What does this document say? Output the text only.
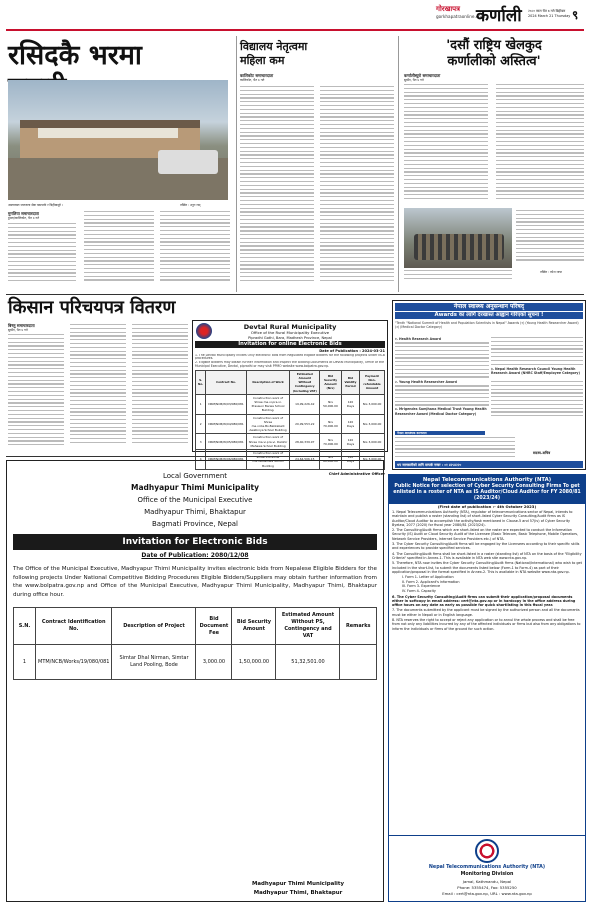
गोरखापत्र
gorkhapatraonline.com
कर्णाली २०८० साल चैत ७ गते बिहीबार
2024 March 21 Thursday ९
रसिदकै भरमा
अस्तव्यस्त जलजला सेवा बसपार्क र बिहीबासुरे ।	तस्बिर : उनुन राम्
मुगलिया समाचारदाता
हुम्ला/कालिकोट, चैत ७ गते
विद्यालय नेतृत्वमा
महिला कम
कालिकोट समाचारदाता
कालिकोट, चैत ७ गते
'दसौं राष्ट्रिय खेलकुद
कर्णालीको अस्तित्व'
कर्णालीब्युरो समाचारदाता
सुर्खेत, चैत ७ गते
तस्बिर : रमेश थापा
किसान परिचयपत्र वितरण
बिष्णु समाचारदाता
सुर्खेत, चैत ७ गते	Devtal Rural Municipality
Office of the Rural Municipality Executive
Pipradhi Gothi, Bara, Madhesh Province, Nepal
Invitation for online Electronic Bids
Date of Publication : 2024-03-21
1. The Devtal Municipality invites Only electronic bids from Regulated eligible bidders for the following projects under NCB procedures.
2. Eligible Bidders may obtain further information and inspect the Bidding Documents at Devtal Municipality, Office of the Municipal Executive, Devtal, pipradhi or may visit PPMO website www.bolpatra.gov.np.
S. No.	Contract No.	Description of Work	Estimated Amount Without Contingency (Including VAT)	Bid Security Amount (Nrs)	Bid Validity Period	Payment Non-refundable Amount
1	DRM/NCB/W/03/080/081	Construction work of Shree ma.vi.pra.vi. Prasauni Barwa School Building.	19,99,226.42	Nrs 50,000.00	120 Days	Nrs 3,000.00
2	DRM/NCB/W/04/080/081	Construction work of Shree ma.vi.Ka.Bo.Balikaballi Awatiniya School Building	20,99,553.22	Nrs 70,000.00	120 Days	Nrs 3,000.00
3	DRM/NCB/W/05/080/081	Construction work of Shree ma.vi.pra.vi. Dalohir Mahawa School Building	28,40,339.97	Nrs 70,000.00	120 Days	Nrs 3,000.00
4	DRM/NCB/W/06/080/081	Construction work of Shree Indradhar ma.Va.Aamwa School Building	24,64,506.15	Nrs 60,000.00	120 Days	Nrs 3,000.00
Chief Administrative Officer
नेपाल स्वास्थ्य अनुसन्धान परिषद्
Awards का लागि दरखास्त आह्वान गरिएको सूचना !
"Tenth "National Summit of Health and Population Scientists in Nepal" Awards (१) (Young Health Researcher Award) (२) (Medical Doctor Category)
१. Health Research Award
२. Young Health Researcher Award
४. Mrigendra Samjhana Medical Trust Young Health Researcher Award (Medical Doctor Category)
३. Nepal Health Research Council Young Health Research Award (NHRC Staff/Employee Category)
नेपाल आवश्यक कागजात
सदस्य–सचिव
थप जानकारीको लागि सम्पर्क नम्बर : ०१ ४२५४२२०
Local Government
Madhyapur Thimi Municipality
Office of the Municipal Executive
Madhyapur Thimi, Bhaktapur
Bagmati Province, Nepal
Invitation for Electronic Bids
Date of Publication: 2080/12/08
The Office of the Municipal Executive, Madhyapur Thimi Municipality invites electronic bids from Nepalese Eligible Bidders for the following projects Under National Competitive Bidding Procedures Eligible Bidders/Suppliers may obtain further information from the www.bolpatra.gov.np and Office of the Municipal Executive, Madhyapur Thimi Municipality, Madhyapur Thimi, Bhaktapur during office hour.
S.N.	Contract Identification No.	Description of Project	Bid Document Fee	Bid Security Amount	Estimated Amount Without PS, Contingency and VAT	Remarks
1	MTM/NCB/Works/19/080/081	Simtar Dhal Nirman, Simtar Land Pooling, Bode	3,000.00	1,50,000.00	51,32,501.00	
Madhyapur Thimi Municipality
Madhyapur Thimi, Bhaktapur
Nepal Telecommunications Authority (NTA)
Public Notice for selection of Cyber Security Consulting Firms To get enlisted in a roster of NTA as IS Auditor/Cloud Auditor for FY 2080/81 (2023/24)
(First date of publication :- 4th October 2023)
1. Nepal Telecommunications Authority (NTA), regulator of telecommunications sector of Nepal, intends to maintain and publish a roster (standing list) of short-listed Cyber Security Consulting/Audit firms as IS Auditor/Cloud Auditor to accomplish the activity/task mentioned in Clause-5 and 57(iv) of Cyber Security Byelaw, 2077 (2020) for fiscal year 2080/81 (2023/24).
2. The Consulting/Audit firms which are short-listed on the roster are expected to conduct the Information Security (IS) Audit or Cloud Security Audit of the Licensee (Basic Telecom, Basic Telephone, Mobile Operators, Network Service Providers, Internet Service Providers etc.) of NTA.
3. The Cyber Security Consulting/Audit firms will be engaged by the Licensees according to their specific skills and experiences to provide specified services.
4. The Consulting/Audit firms shall be short-listed in a roster (standing list) of NTA on the basis of the "Eligibility Criteria" specified in Annex-1. This is available in NTA web site www.nta.gov.np.
5. Therefore, NTA now invites the Cyber Security Consulting/Audit firms (National/International) who wish to get included in the short-list, to submit the documents listed below (Form-1 to Form-4) as part of their application/proposal in the format specified in Annex-2. This is available in NTA website www.nta.gov.np.
I. Form 1- Letter of Application
II. Form 2- Applicant's information
III. Form 3- Experience
IV. Form 4- Capacity
6. The Cyber Security Consulting/Audit firms can submit their application/proposal documents either in softcopy in email address: cert@nta.gov.np or in hardcopy in the office address during office hours on any date as early as possible for quick shortlisting in this fiscal year.
7. The documents submitted by the applicant must be signed by the authorized person and all the documents must be either in Nepali or in English language.
8. NTA reserves the right to accept or reject any application or to annul the whole process and shall be free from not only any liabilities incurred by any of the affected individuals or firms but also from any obligations to inform the individuals or firms of the ground for such action.
Nepal Telecommunications Authority (NTA)
Monitoring Division
Jamal, Kathmandu, Nepal
Phone: 5355474, Fax: 5355250
Email : cert@nta.gov.np, URL : www.nta.gov.np
